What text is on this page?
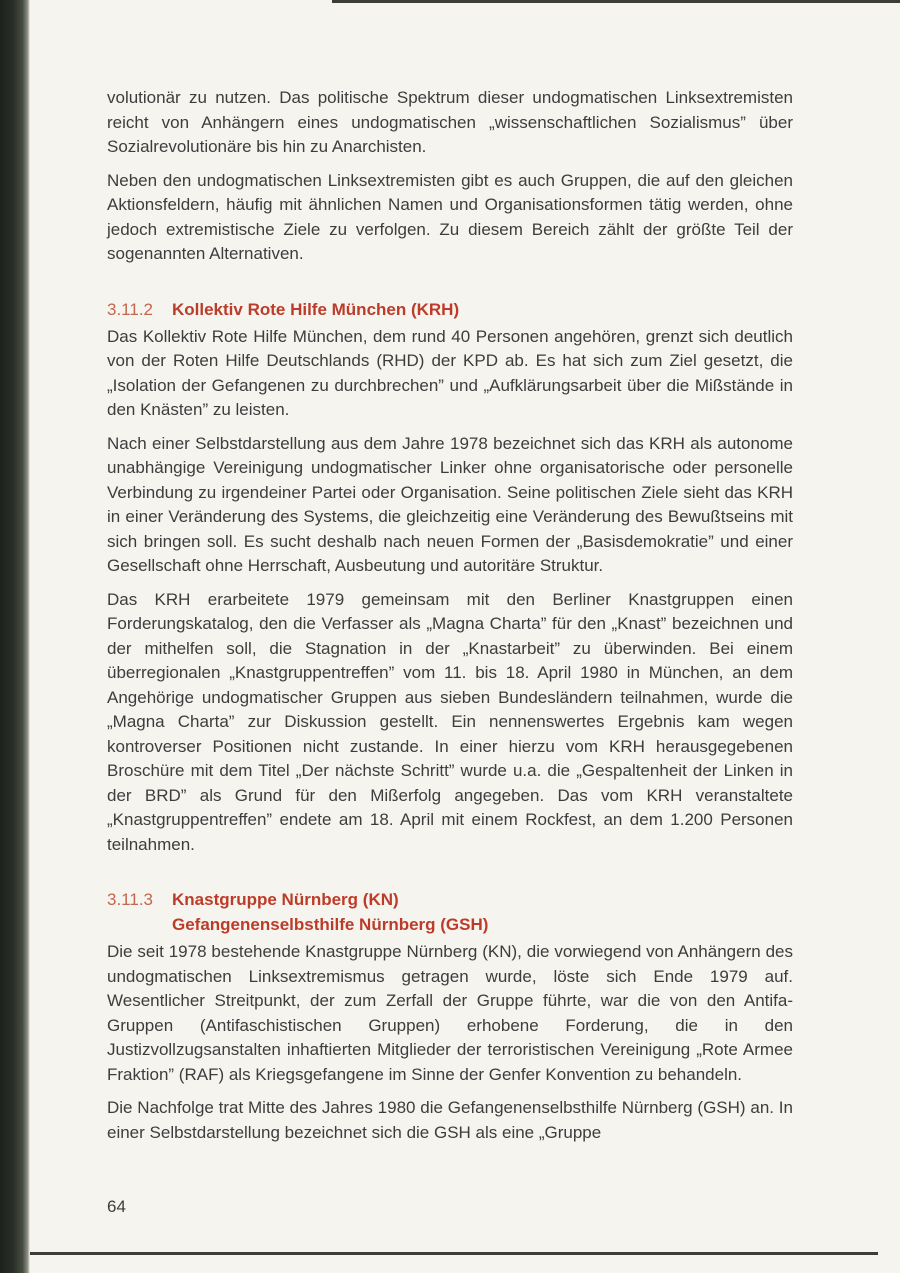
volutionär zu nutzen. Das politische Spektrum dieser undogmatischen Linksextremisten reicht von Anhängern eines undogmatischen „wissenschaftlichen Sozialismus” über Sozialrevolutionäre bis hin zu Anarchisten.

Neben den undogmatischen Linksextremisten gibt es auch Gruppen, die auf den gleichen Aktionsfeldern, häufig mit ähnlichen Namen und Organisationsformen tätig werden, ohne jedoch extremistische Ziele zu verfolgen. Zu diesem Bereich zählt der größte Teil der sogenannten Alternativen.

3.11.2	Kollektiv Rote Hilfe München (KRH)

Das Kollektiv Rote Hilfe München, dem rund 40 Personen angehören, grenzt sich deutlich von der Roten Hilfe Deutschlands (RHD) der KPD ab. Es hat sich zum Ziel gesetzt, die „Isolation der Gefangenen zu durchbrechen” und „Aufklärungsarbeit über die Mißstände in den Knästen” zu leisten.

Nach einer Selbstdarstellung aus dem Jahre 1978 bezeichnet sich das KRH als autonome unabhängige Vereinigung undogmatischer Linker ohne organisatorische oder personelle Verbindung zu irgendeiner Partei oder Organisation. Seine politischen Ziele sieht das KRH in einer Veränderung des Systems, die gleichzeitig eine Veränderung des Bewußtseins mit sich bringen soll. Es sucht deshalb nach neuen Formen der „Basisdemokratie” und einer Gesellschaft ohne Herrschaft, Ausbeutung und autoritäre Struktur.

Das KRH erarbeitete 1979 gemeinsam mit den Berliner Knastgruppen einen Forderungskatalog, den die Verfasser als „Magna Charta” für den „Knast” bezeichnen und der mithelfen soll, die Stagnation in der „Knastarbeit” zu überwinden. Bei einem überregionalen „Knastgruppentreffen” vom 11. bis 18. April 1980 in München, an dem Angehörige undogmatischer Gruppen aus sieben Bundesländern teilnahmen, wurde die „Magna Charta” zur Diskussion gestellt. Ein nennenswertes Ergebnis kam wegen kontroverser Positionen nicht zustande. In einer hierzu vom KRH herausgegebenen Broschüre mit dem Titel „Der nächste Schritt” wurde u.a. die „Gespaltenheit der Linken in der BRD” als Grund für den Mißerfolg angegeben. Das vom KRH veranstaltete „Knastgruppentreffen” endete am 18. April mit einem Rockfest, an dem 1.200 Personen teilnahmen.

3.11.3	Knastgruppe Nürnberg (KN)
Gefangenenselbsthilfe Nürnberg (GSH)

Die seit 1978 bestehende Knastgruppe Nürnberg (KN), die vorwiegend von Anhängern des undogmatischen Linksextremismus getragen wurde, löste sich Ende 1979 auf. Wesentlicher Streitpunkt, der zum Zerfall der Gruppe führte, war die von den Antifa-Gruppen (Antifaschistischen Gruppen) erhobene Forderung, die in den Justizvollzugsanstalten inhaftierten Mitglieder der terroristischen Vereinigung „Rote Armee Fraktion” (RAF) als Kriegsgefangene im Sinne der Genfer Konvention zu behandeln.

Die Nachfolge trat Mitte des Jahres 1980 die Gefangenenselbsthilfe Nürnberg (GSH) an. In einer Selbstdarstellung bezeichnet sich die GSH als eine „Gruppe

64
